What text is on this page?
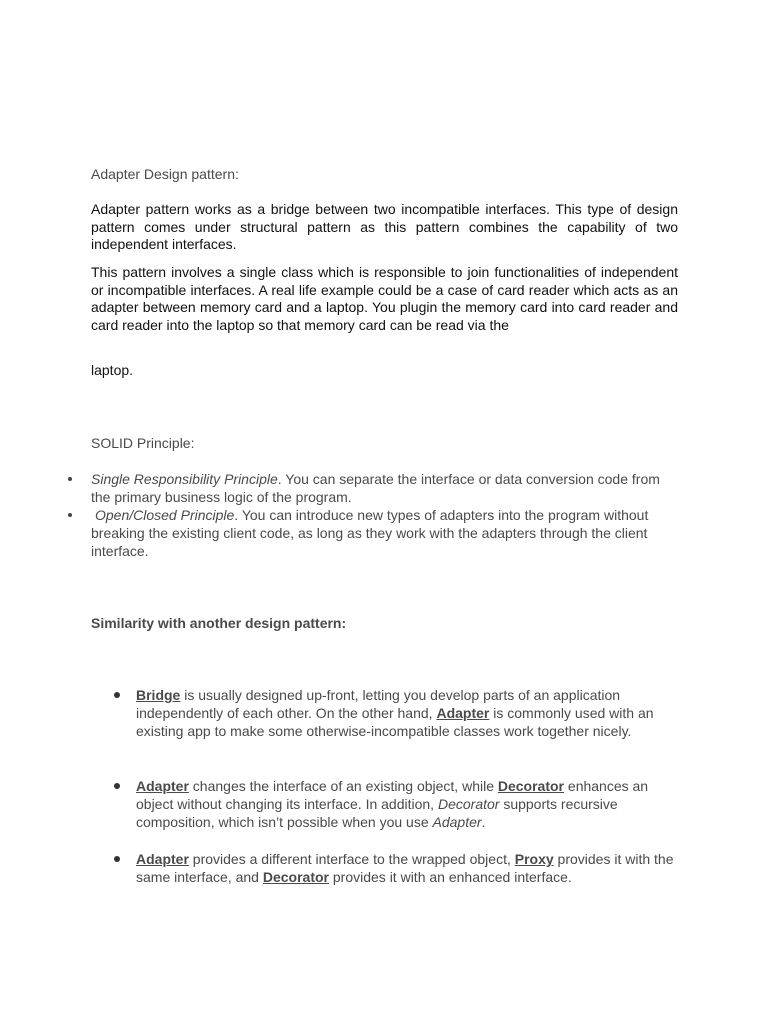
Adapter Design pattern:

Adapter pattern works as a bridge between two incompatible interfaces. This type of design pattern comes under structural pattern as this pattern combines the capability of two independent interfaces.

This pattern involves a single class which is responsible to join functionalities of independent or incompatible interfaces. A real life example could be a case of card reader which acts as an adapter between memory card and a laptop. You plugin the memory card into card reader and card reader into the laptop so that memory card can be read via the

laptop.

SOLID Principle:

Single Responsibility Principle. You can separate the interface or data conversion code from the primary business logic of the program.

Open/Closed Principle. You can introduce new types of adapters into the program without breaking the existing client code, as long as they work with the adapters through the client interface.

Similarity with another design pattern:

Bridge is usually designed up-front, letting you develop parts of an application independently of each other. On the other hand, Adapter is commonly used with an existing app to make some otherwise-incompatible classes work together nicely.

Adapter changes the interface of an existing object, while Decorator enhances an object without changing its interface. In addition, Decorator supports recursive composition, which isn’t possible when you use Adapter.

Adapter provides a different interface to the wrapped object, Proxy provides it with the same interface, and Decorator provides it with an enhanced interface.
